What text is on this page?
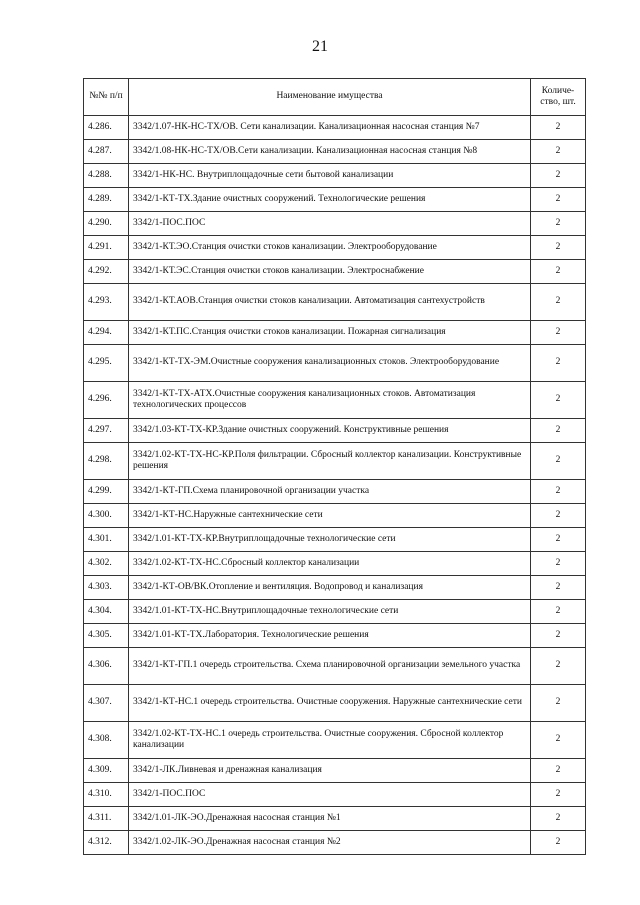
21
№№ п/п	Наименование имущества	Количе-ство, шт.
4.286.	3342/1.07-НК-НС-ТХ/ОВ. Сети канализации. Канализационная насосная станция №7	2
4.287.	3342/1.08-НК-НС-ТХ/ОВ.Сети канализации. Канализационная насосная станция №8	2
4.288.	3342/1-НК-НС. Внутриплощадочные сети бытовой канализации	2
4.289.	3342/1-КТ-ТХ.Здание очистных сооружений. Технологические решения	2
4.290.	3342/1-ПОС.ПОС	2
4.291.	3342/1-КТ.ЭО.Станция очистки стоков канализации. Электрооборудование	2
4.292.	3342/1-КТ.ЭС.Станция очистки стоков канализации. Электроснабжение	2
4.293.	3342/1-КТ.АОВ.Станция очистки стоков канализации. Автоматизация сантехустройств	2
4.294.	3342/1-КТ.ПС.Станция очистки стоков канализации. Пожарная сигнализация	2
4.295.	3342/1-КТ-ТХ-ЭМ.Очистные сооружения канализационных стоков. Электрооборудование	2
4.296.	3342/1-КТ-ТХ-АТХ.Очистные сооружения канализационных стоков. Автоматизация технологических процессов	2
4.297.	3342/1.03-КТ-ТХ-КР.Здание очистных сооружений. Конструктивные решения	2
4.298.	3342/1.02-КТ-ТХ-НС-КР.Поля фильтрации. Сбросный коллектор канализации. Конструктивные решения	2
4.299.	3342/1-КТ-ГП.Схема планировочной организации участка	2
4.300.	3342/1-КТ-НС.Наружные сантехнические сети	2
4.301.	3342/1.01-КТ-ТХ-КР.Внутриплощадочные технологические сети	2
4.302.	3342/1.02-КТ-ТХ-НС.Сбросный коллектор канализации	2
4.303.	3342/1-КТ-ОВ/ВК.Отопление и вентиляция. Водопровод и канализация	2
4.304.	3342/1.01-КТ-ТХ-НС.Внутриплощадочные технологические сети	2
4.305.	3342/1.01-КТ-ТХ.Лаборатория. Технологические решения	2
4.306.	3342/1-КТ-ГП.1 очередь строительства. Схема планировочной организации земельного участка	2
4.307.	3342/1-КТ-НС.1 очередь строительства. Очистные сооружения. Наружные сантехнические сети	2
4.308.	3342/1.02-КТ-ТХ-НС.1 очередь строительства. Очистные сооружения. Сбросной коллектор канализации	2
4.309.	3342/1-ЛК.Ливневая и дренажная канализация	2
4.310.	3342/1-ПОС.ПОС	2
4.311.	3342/1.01-ЛК-ЭО.Дренажная насосная станция №1	2
4.312.	3342/1.02-ЛК-ЭО.Дренажная насосная станция №2	2
